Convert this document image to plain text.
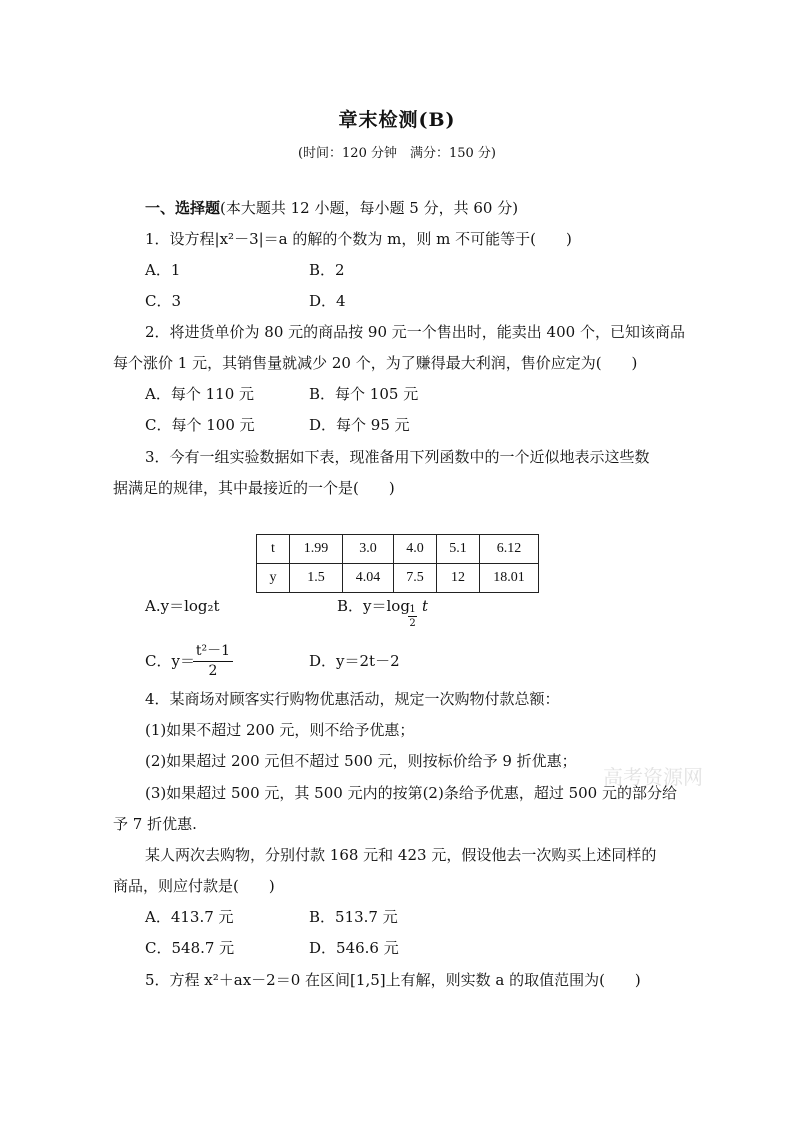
章末检测(B)
(时间：120 分钟　满分：150 分)
一、选择题(本大题共 12 小题，每小题 5 分，共 60 分)
1．设方程|x²－3|＝a 的解的个数为 m，则 m 不可能等于(　　)
A．1	B．2
C．3	D．4
2．将进货单价为 80 元的商品按 90 元一个售出时，能卖出 400 个，已知该商品
每个涨价 1 元，其销售量就减少 20 个，为了赚得最大利润，售价应定为(　　)
A．每个 110 元	B．每个 105 元
C．每个 100 元	D．每个 95 元
3．今有一组实验数据如下表，现准备用下列函数中的一个近似地表示这些数
据满足的规律，其中最接近的一个是(　　)
t	1.99	3.0	4.0	5.1	6.12
y	1.5	4.04	7.5	12	18.01
A.y＝log₂t	B．y＝log t
1
2
C．y＝
t²－1
2
D．y＝2t－2
4．某商场对顾客实行购物优惠活动，规定一次购物付款总额：
(1)如果不超过 200 元，则不给予优惠；
(2)如果超过 200 元但不超过 500 元，则按标价给予 9 折优惠；
高考资源网
(3)如果超过 500 元，其 500 元内的按第(2)条给予优惠，超过 500 元的部分给
予 7 折优惠.
某人两次去购物，分别付款 168 元和 423 元，假设他去一次购买上述同样的
商品，则应付款是(　　)
A．413.7 元	B．513.7 元
C．548.7 元	D．546.6 元
5．方程 x²＋ax－2＝0 在区间[1,5]上有解，则实数 a 的取值范围为(　　)
